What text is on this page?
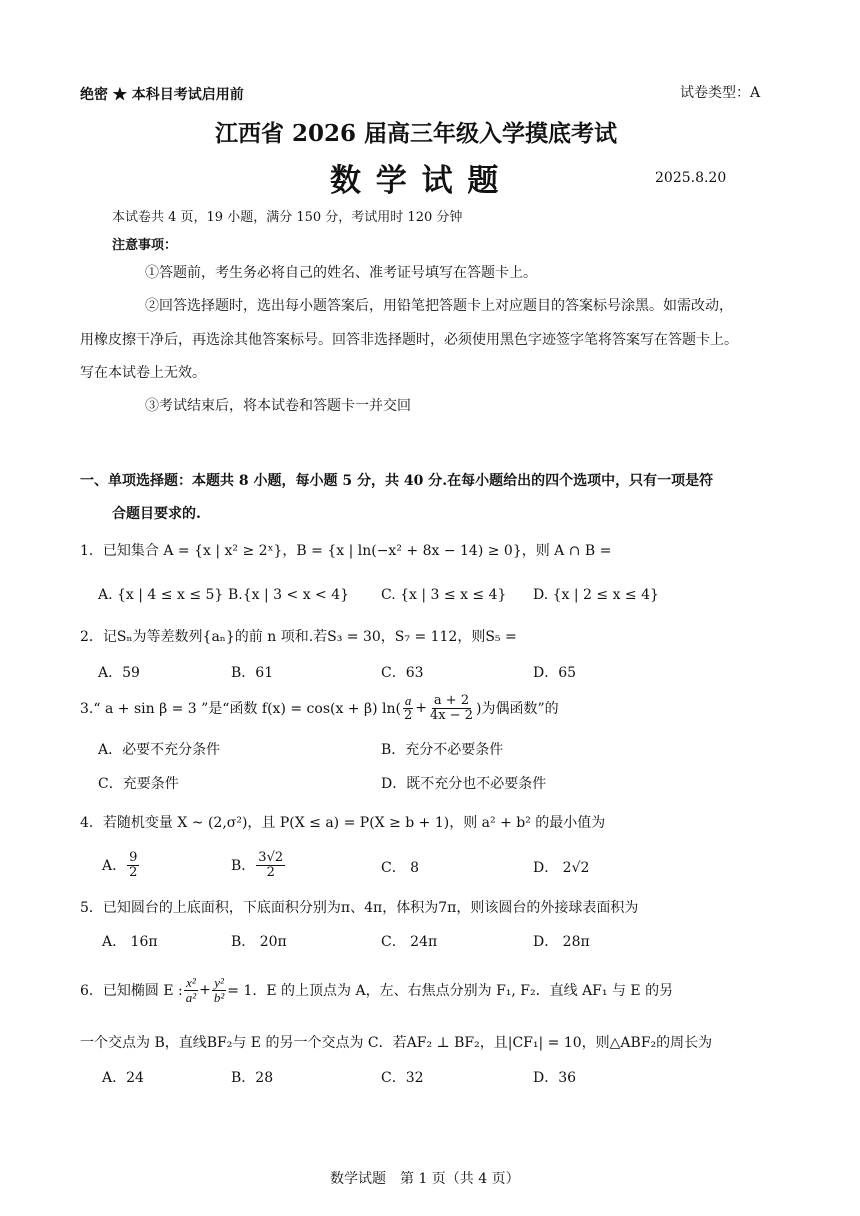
绝密 ★ 本科目考试启用前	试卷类型：A
江西省 2026 届高三年级入学摸底考试
数 学 试 题	2025.8.20
本试卷共 4 页，19 小题，满分 150 分，考试用时 120 分钟
注意事项：
①答题前，考生务必将自己的姓名、准考证号填写在答题卡上。
②回答选择题时，选出每小题答案后，用铅笔把答题卡上对应题目的答案标号涂黑。如需改动，
用橡皮擦干净后，再选涂其他答案标号。回答非选择题时，必须使用黑色字迹签字笔将答案写在答题卡上。
写在本试卷上无效。
③考试结束后，将本试卷和答题卡一并交回
一、单项选择题：本题共 8 小题，每小题 5 分，共 40 分.在每小题给出的四个选项中，只有一项是符
合题目要求的.
1．已知集合 A = {x | x² ≥ 2ˣ}，B = {x | ln(−x² + 8x − 14) ≥ 0}，则 A ∩ B =
A. {x | 4 ≤ x ≤ 5} B.{x | 3 < x < 4} C. {x | 3 ≤ x ≤ 4} D. {x | 2 ≤ x ≤ 4}
2．记Sₙ为等差数列{aₙ}的前 n 项和.若S₃ = 30，S₇ = 112，则S₅ =
A．59	B．61	C．63	D．65
3.“ a + sin β = 3 ”是“函数 f(x) = cos(x + β) $\ln( \frac{a}{2} + \frac{a + 2}{4x - 2}$ )为偶函数”的
A．必要不充分条件	B．充分不必要条件
C．充要条件	D．既不充分也不必要条件
4．若随机变量 X ~ (2,σ²)，且 P(X ≤ a) = P(X ≥ b + 1)，则 a² + b² 的最小值为
A． $\frac{9}{2}$	B． $\frac{3√2}{2}$	C． 8	D． 2√2
5．已知圆台的上底面积，下底面积分别为π、4π，体积为7π，则该圆台的外接球表面积为
A． 16π	B． 20π	C． 24π	D． 28π
6．已知椭圆 E : $\frac{\text{x²}}{\text{a²}} + \frac{\text{y²}}{\text{b²}} = 1$．E 的上顶点为 A，左、右焦点分别为 F₁, F₂．直线 AF₁ 与 E 的另
一个交点为 B，直线BF₂与 E 的另一个交点为 C．若AF₂ ⊥ BF₂，且|CF₁| = 10，则△ABF₂的周长为
A．24	B．28	C．32	D．36
数学试题　第 1 页（共 4 页）
